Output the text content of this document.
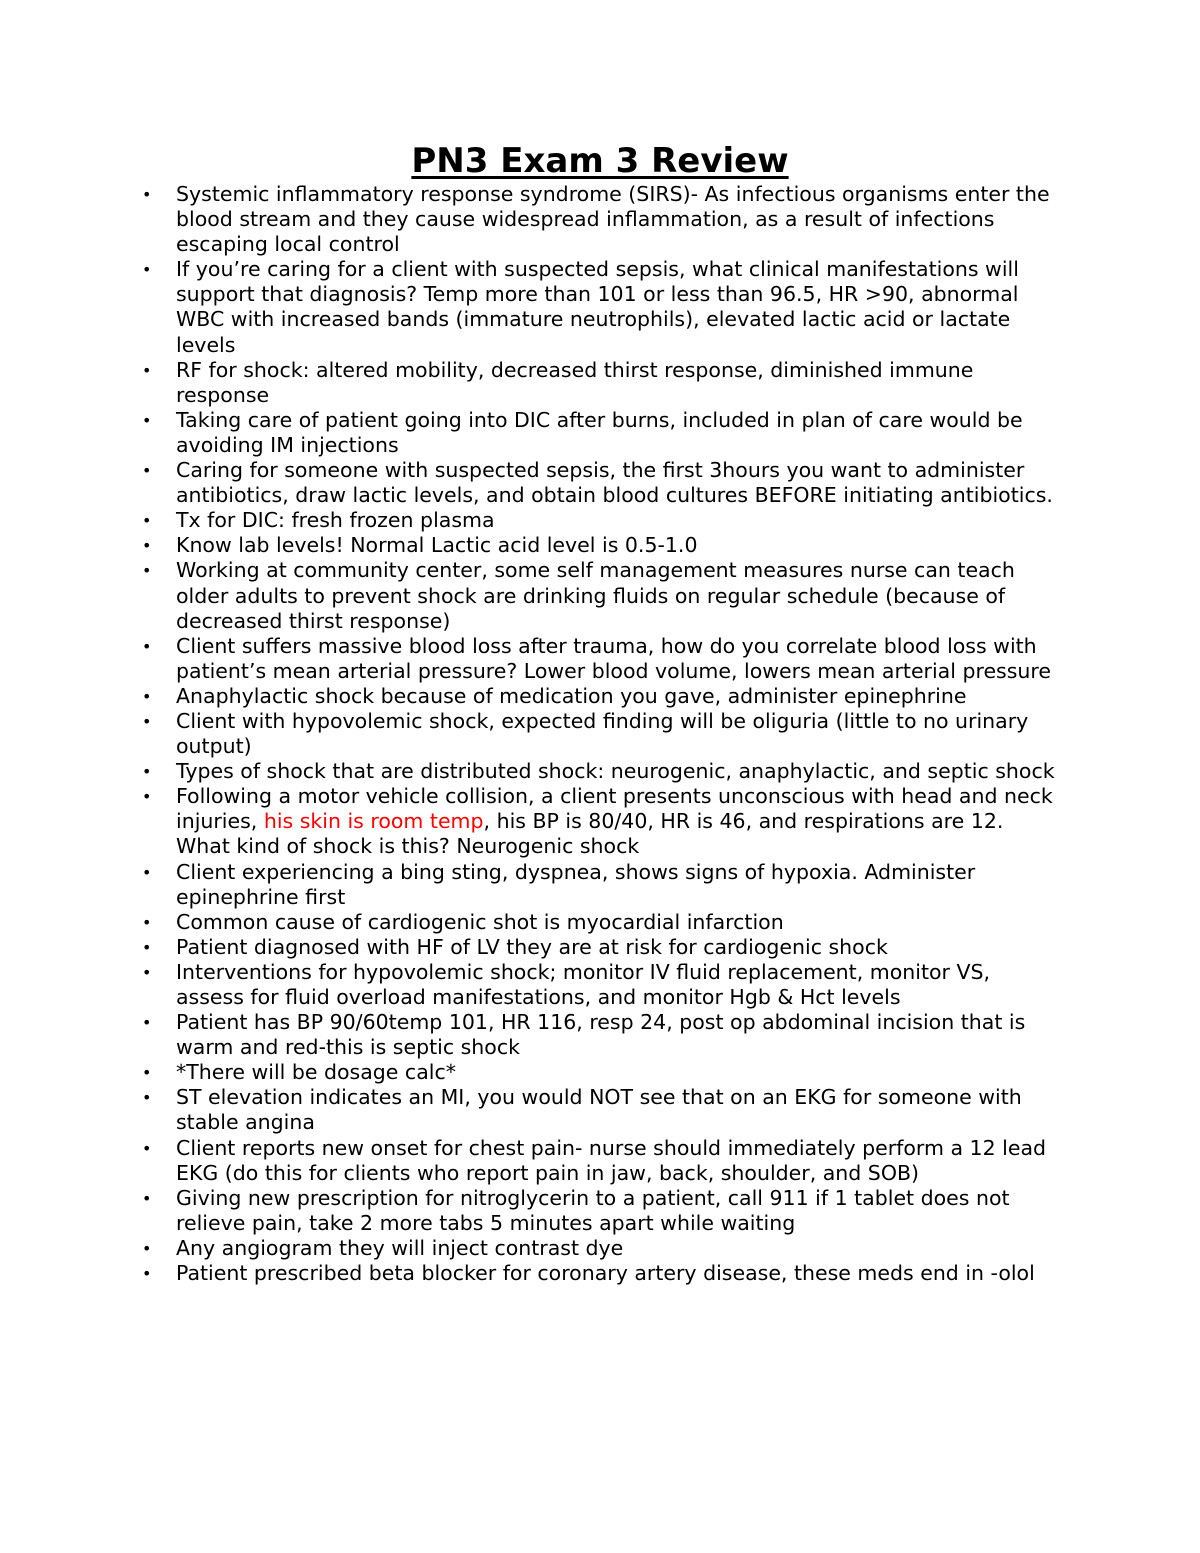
PN3 Exam 3 Review
•	Systemic inflammatory response syndrome (SIRS)- As infectious organisms enter the blood stream and they cause widespread inflammation, as a result of infections escaping local control
•	If you’re caring for a client with suspected sepsis, what clinical manifestations will support that diagnosis? Temp more than 101 or less than 96.5, HR >90, abnormal WBC with increased bands (immature neutrophils), elevated lactic acid or lactate levels
•	RF for shock: altered mobility, decreased thirst response, diminished immune response
•	Taking care of patient going into DIC after burns, included in plan of care would be avoiding IM injections
•	Caring for someone with suspected sepsis, the first 3hours you want to administer antibiotics, draw lactic levels, and obtain blood cultures BEFORE initiating antibiotics.
•	Tx for DIC: fresh frozen plasma
•	Know lab levels! Normal Lactic acid level is 0.5-1.0
•	Working at community center, some self management measures nurse can teach older adults to prevent shock are drinking fluids on regular schedule (because of decreased thirst response)
•	Client suffers massive blood loss after trauma, how do you correlate blood loss with patient’s mean arterial pressure? Lower blood volume, lowers mean arterial pressure
•	Anaphylactic shock because of medication you gave, administer epinephrine
•	Client with hypovolemic shock, expected finding will be oliguria (little to no urinary output)
•	Types of shock that are distributed shock: neurogenic, anaphylactic, and septic shock
•	Following a motor vehicle collision, a client presents unconscious with head and neck injuries, his skin is room temp, his BP is 80/40, HR is 46, and respirations are 12. What kind of shock is this? Neurogenic shock
•	Client experiencing a bing sting, dyspnea, shows signs of hypoxia. Administer epinephrine first
•	Common cause of cardiogenic shot is myocardial infarction
•	Patient diagnosed with HF of LV they are at risk for cardiogenic shock
•	Interventions for hypovolemic shock; monitor IV fluid replacement, monitor VS, assess for fluid overload manifestations, and monitor Hgb & Hct levels
•	Patient has BP 90/60temp 101, HR 116, resp 24, post op abdominal incision that is warm and red-this is septic shock
•	*There will be dosage calc*
•	ST elevation indicates an MI, you would NOT see that on an EKG for someone with stable angina
•	Client reports new onset for chest pain- nurse should immediately perform a 12 lead EKG (do this for clients who report pain in jaw, back, shoulder, and SOB)
•	Giving new prescription for nitroglycerin to a patient, call 911 if 1 tablet does not relieve pain, take 2 more tabs 5 minutes apart while waiting
•	Any angiogram they will inject contrast dye
•	Patient prescribed beta blocker for coronary artery disease, these meds end in -olol
